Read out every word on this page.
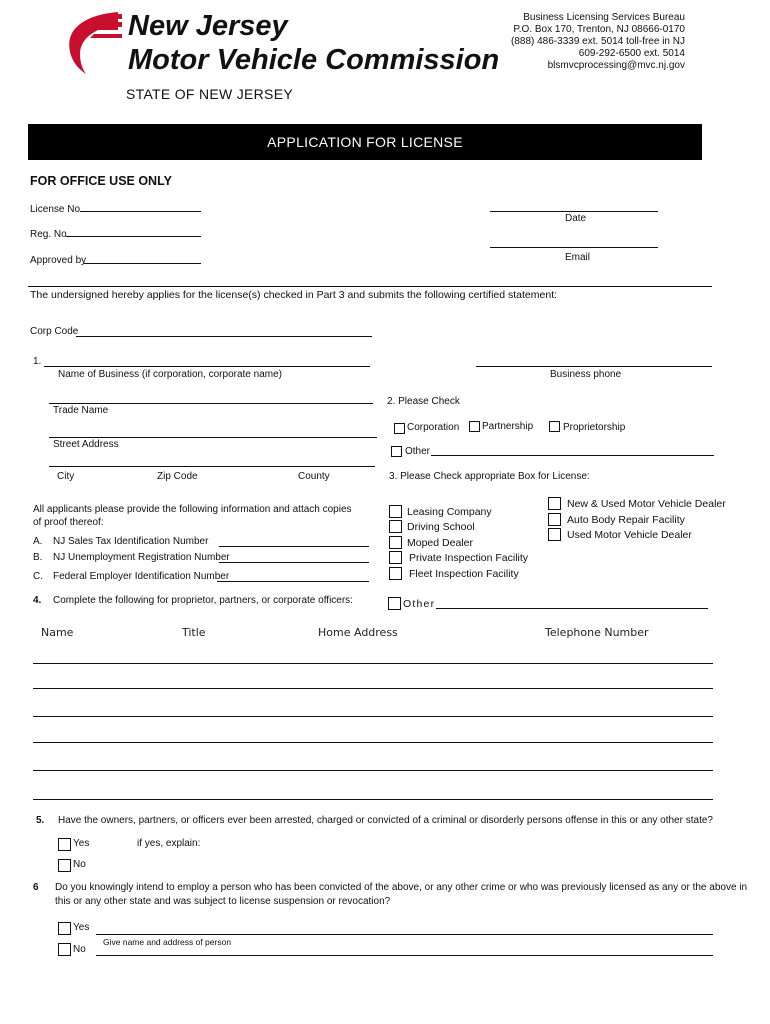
New Jersey
Motor Vehicle Commission
Business Licensing Services Bureau
P.O. Box 170, Trenton, NJ 08666-0170
(888) 486-3339 ext. 5014 toll-free in NJ
609-292-6500 ext. 5014
blsmvcprocessing@mvc.nj.gov
STATE OF NEW JERSEY
APPLICATION FOR LICENSE
FOR OFFICE USE ONLY
License No.
Reg. No.
Approved by
Date
Email
The undersigned hereby applies for the license(s) checked in Part 3 and submits the following certified statement:
Corp Code
1.
Name of Business (if corporation, corporate name)	Business phone
Trade Name
Street Address
City	Zip Code	County
2. Please Check
Corporation Partnership	Proprietorship
Other
3. Please Check appropriate Box for License:
Leasing Company
Driving School
Moped Dealer
Private Inspection Facility
Fleet Inspection Facility
New & Used Motor Vehicle Dealer
Auto Body Repair Facility
Used Motor Vehicle Dealer
Other
All applicants please provide the following information and attach copies
of proof thereof:
A. NJ Sales Tax Identification Number
B. NJ Unemployment Registration Number
C. Federal Employer Identification Number
4. Complete the following for proprietor, partners, or corporate officers:
Name	Title	Home Address	Telephone Number
5. Have the owners, partners, or officers ever been arrested, charged or convicted of a criminal or disorderly persons offense in this or any other state?
Yes	if yes, explain:
No
6 Do you knowingly intend to employ a person who has been convicted of the above, or any other crime or who was previously licensed as any or the above in
this or any other state and was subject to license suspension or revocation?
Yes
Give name and address of person
No
